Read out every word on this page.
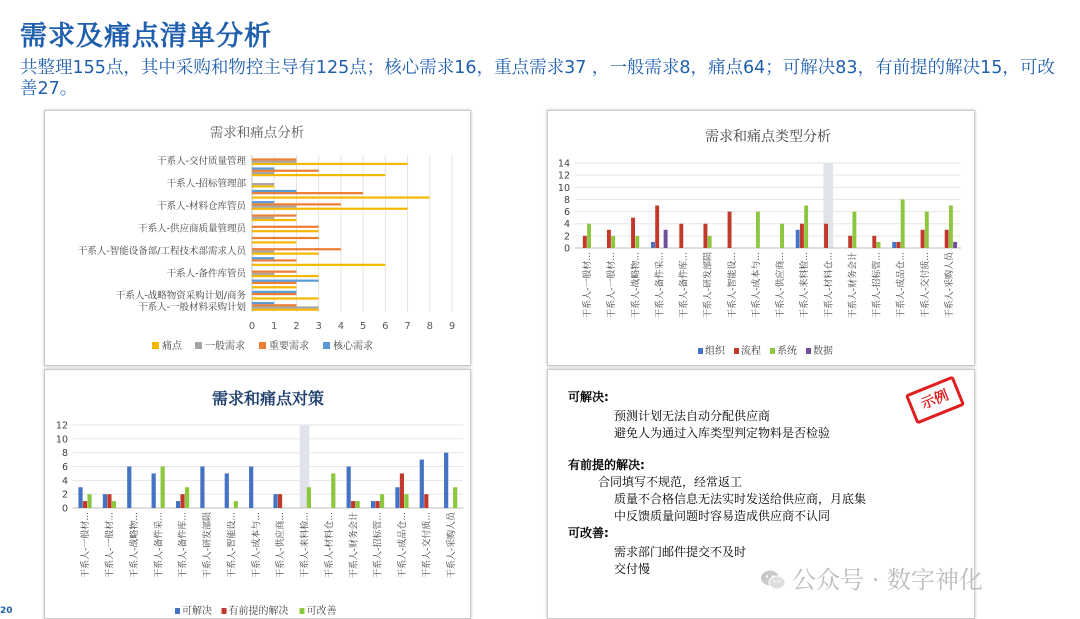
需求及痛点清单分析
共整理155点，其中采购和物控主导有125点；核心需求16，重点需求37 ，一般需求8，痛点64；可解决83，有前提的解决15，可改善27。
需求和痛点分析
0 1 2 3 4 5 6 7 8 9
干系人-一般材料采购计划
干系人-战略物资采购计划/商务
干系人-备件库管员
干系人-智能设备部/工程技术部需求人员
干系人-供应商质量管理员
干系人-材料仓库管员
干系人-招标管理部
干系人-交付质量管理
痛点 一般需求 重要需求 核心需求
需求和痛点类型分析
0
2
4
6
8
10
12
14
干系人-一般材... 干系人-一般材... 干系人-战略物... 干系人-备件采... 干系人-备件库... 干系人-研发部陨 干系人-智能设... 干系人-成本与... 干系人-供应商... 干系人-来料检... 干系人-材料仓... 干系人-财务会计 干系人-招标管... 干系人-成品仓... 干系人-交付质... 干系人-采购人员
组织 流程 系统 数据
需求和痛点对策
0
2
4
6
8
10
12
干系人-一般材... 干系人-一般材... 干系人-战略物... 干系人-备件采... 干系人-备件库... 干系人-研发部陨 干系人-智能设... 干系人-成本与... 干系人-供应商... 干系人-来料检... 干系人-材料仓... 干系人-财务会计 干系人-招标管... 干系人-成品仓... 干系人-交付质... 干系人-采购人员
可解决 有前提的解决 可改善
可解决:
预测计划无法自动分配供应商
避免人为通过入库类型判定物料是否检验
有前提的解决:
合同填写不规范，经常返工
质量不合格信息无法实时发送给供应商，月底集
中反馈质量问题时容易造成供应商不认同
可改善:
需求部门邮件提交不及时
交付慢
示例
公众号 · 数字神化
20
